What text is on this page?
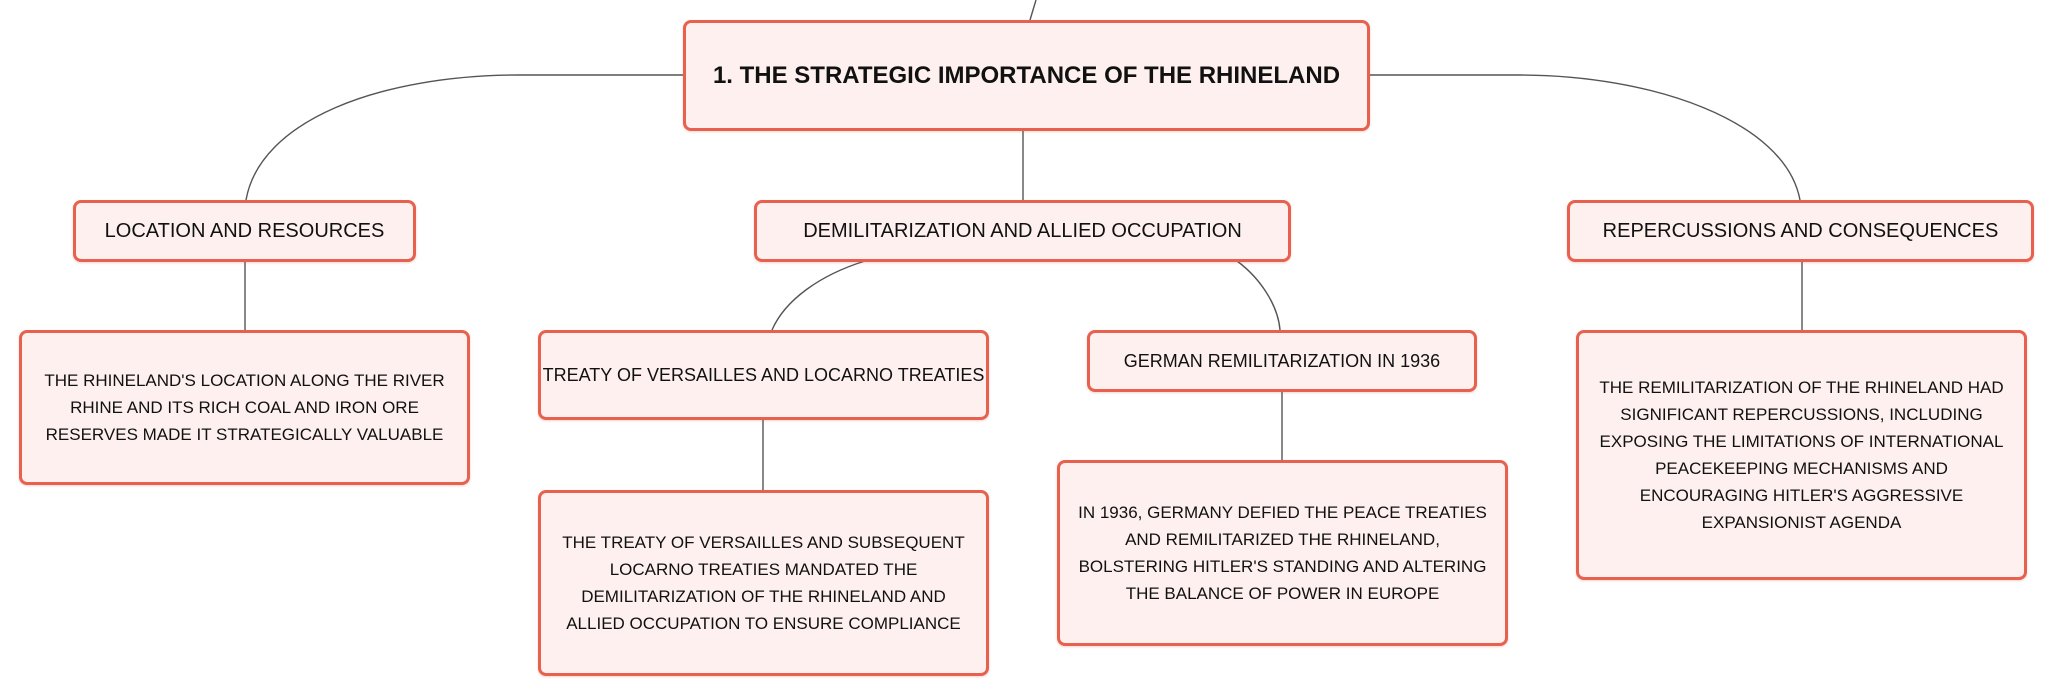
1. THE STRATEGIC IMPORTANCE OF THE RHINELAND
LOCATION AND RESOURCES	DEMILITARIZATION AND ALLIED OCCUPATION	REPERCUSSIONS AND CONSEQUENCES
THE RHINELAND'S LOCATION ALONG THE RIVER RHINE AND ITS RICH COAL AND IRON ORE RESERVES MADE IT STRATEGICALLY VALUABLE
TREATY OF VERSAILLES AND LOCARNO TREATIES
GERMAN REMILITARIZATION IN 1936
THE TREATY OF VERSAILLES AND SUBSEQUENT LOCARNO TREATIES MANDATED THE DEMILITARIZATION OF THE RHINELAND AND ALLIED OCCUPATION TO ENSURE COMPLIANCE
IN 1936, GERMANY DEFIED THE PEACE TREATIES AND REMILITARIZED THE RHINELAND, BOLSTERING HITLER'S STANDING AND ALTERING THE BALANCE OF POWER IN EUROPE
THE REMILITARIZATION OF THE RHINELAND HAD SIGNIFICANT REPERCUSSIONS, INCLUDING EXPOSING THE LIMITATIONS OF INTERNATIONAL PEACEKEEPING MECHANISMS AND ENCOURAGING HITLER'S AGGRESSIVE EXPANSIONIST AGENDA
